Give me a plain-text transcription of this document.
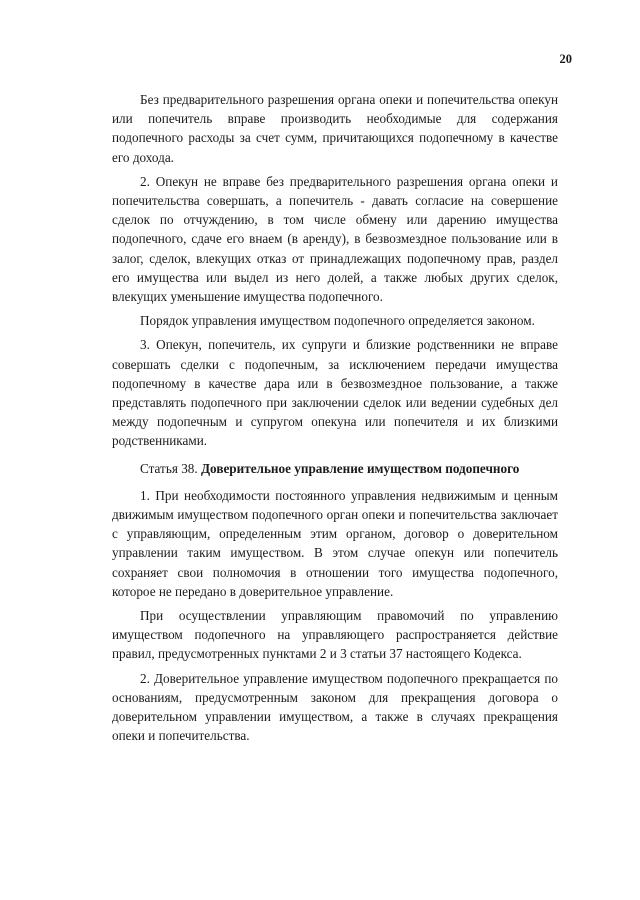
20

Без предварительного разрешения органа опеки и попечительства опекун или попечитель вправе производить необходимые для содержания подопечного расходы за счет сумм, причитающихся подопечному в качестве его дохода.

2. Опекун не вправе без предварительного разрешения органа опеки и попечительства совершать, а попечитель - давать согласие на совершение сделок по отчуждению, в том числе обмену или дарению имущества подопечного, сдаче его внаем (в аренду), в безвозмездное пользование или в залог, сделок, влекущих отказ от принадлежащих подопечному прав, раздел его имущества или выдел из него долей, а также любых других сделок, влекущих уменьшение имущества подопечного.

Порядок управления имуществом подопечного определяется законом.

3. Опекун, попечитель, их супруги и близкие родственники не вправе совершать сделки с подопечным, за исключением передачи имущества подопечному в качестве дара или в безвозмездное пользование, а также представлять подопечного при заключении сделок или ведении судебных дел между подопечным и супругом опекуна или попечителя и их близкими родственниками.

Статья 38. Доверительное управление имуществом подопечного

1. При необходимости постоянного управления недвижимым и ценным движимым имуществом подопечного орган опеки и попечительства заключает с управляющим, определенным этим органом, договор о доверительном управлении таким имуществом. В этом случае опекун или попечитель сохраняет свои полномочия в отношении того имущества подопечного, которое не передано в доверительное управление.

При осуществлении управляющим правомочий по управлению имуществом подопечного на управляющего распространяется действие правил, предусмотренных пунктами 2 и 3 статьи 37 настоящего Кодекса.

2. Доверительное управление имуществом подопечного прекращается по основаниям, предусмотренным законом для прекращения договора о доверительном управлении имуществом, а также в случаях прекращения опеки и попечительства.
